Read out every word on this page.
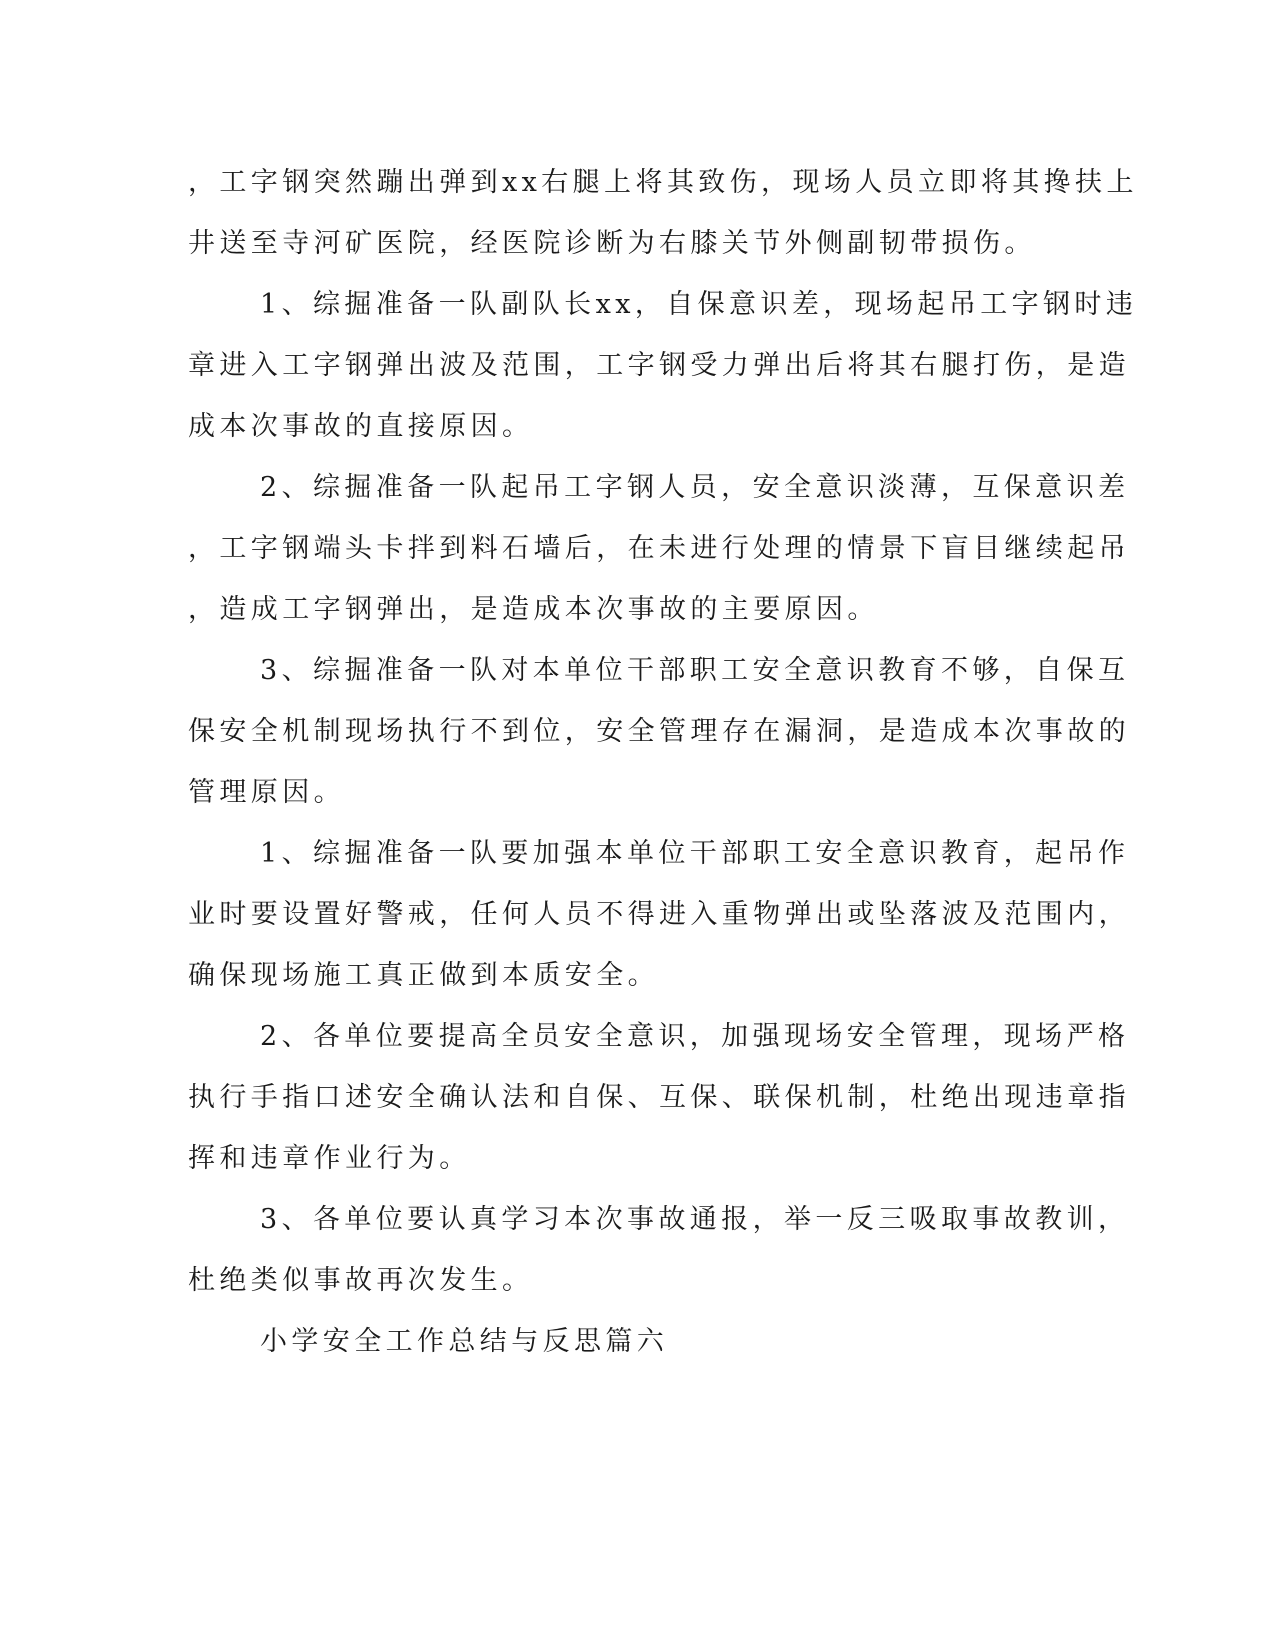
，工字钢突然蹦出弹到xx右腿上将其致伤，现场人员立即将其搀扶上
井送至寺河矿医院，经医院诊断为右膝关节外侧副韧带损伤。
1、综掘准备一队副队长xx，自保意识差，现场起吊工字钢时违
章进入工字钢弹出波及范围，工字钢受力弹出后将其右腿打伤，是造
成本次事故的直接原因。
2、综掘准备一队起吊工字钢人员，安全意识淡薄，互保意识差
，工字钢端头卡拌到料石墙后，在未进行处理的情景下盲目继续起吊
，造成工字钢弹出，是造成本次事故的主要原因。
3、综掘准备一队对本单位干部职工安全意识教育不够，自保互
保安全机制现场执行不到位，安全管理存在漏洞，是造成本次事故的
管理原因。
1、综掘准备一队要加强本单位干部职工安全意识教育，起吊作
业时要设置好警戒，任何人员不得进入重物弹出或坠落波及范围内，
确保现场施工真正做到本质安全。
2、各单位要提高全员安全意识，加强现场安全管理，现场严格
执行手指口述安全确认法和自保、互保、联保机制，杜绝出现违章指
挥和违章作业行为。
3、各单位要认真学习本次事故通报，举一反三吸取事故教训，
杜绝类似事故再次发生。
小学安全工作总结与反思篇六
